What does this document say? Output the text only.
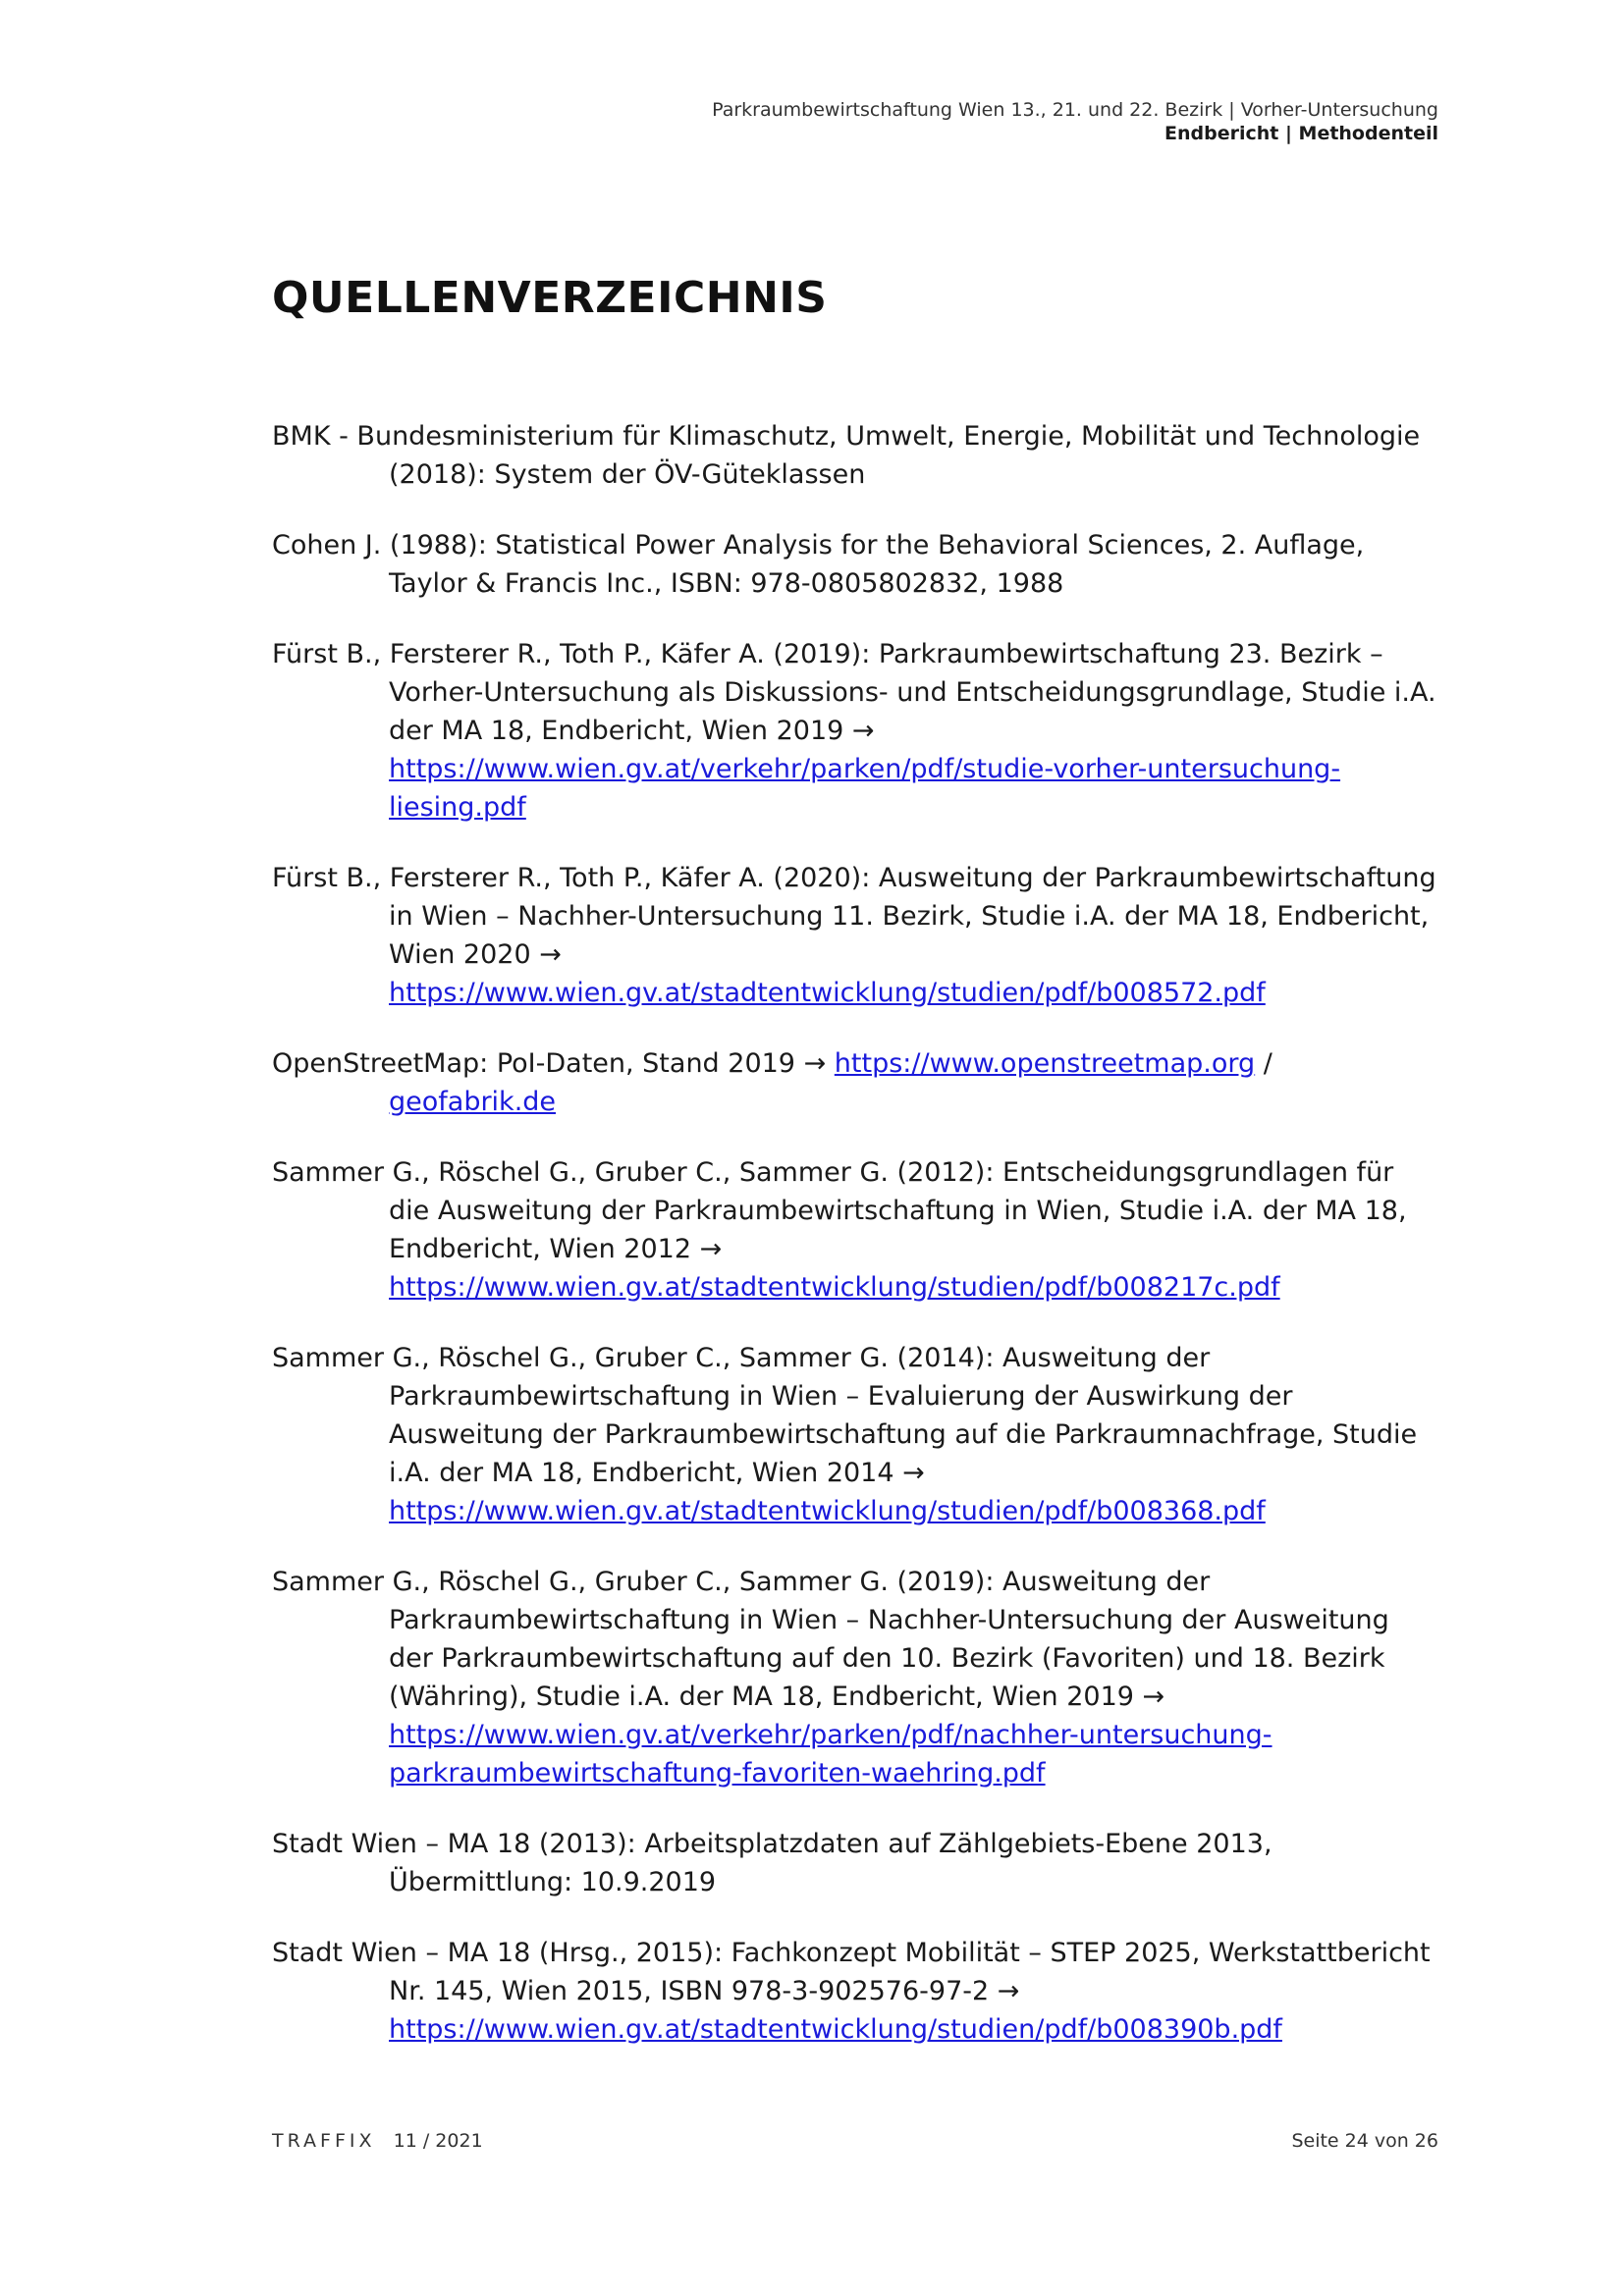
Parkraumbewirtschaftung Wien 13., 21. und 22. Bezirk | Vorher-Untersuchung
Endbericht | Methodenteil
QUELLENVERZEICHNIS

BMK - Bundesministerium für Klimaschutz, Umwelt, Energie, Mobilität und Technologie (2018): System der ÖV-Güteklassen

Cohen J. (1988): Statistical Power Analysis for the Behavioral Sciences, 2. Auflage, Taylor & Francis Inc., ISBN: 978-0805802832, 1988

Fürst B., Fersterer R., Toth P., Käfer A. (2019): Parkraumbewirtschaftung 23. Bezirk – Vorher-Untersuchung als Diskussions- und Entscheidungsgrundlage, Studie i.A. der MA 18, Endbericht, Wien 2019 → https://www.wien.gv.at/verkehr/parken/pdf/studie-vorher-untersuchung-liesing.pdf

Fürst B., Fersterer R., Toth P., Käfer A. (2020): Ausweitung der Parkraumbewirtschaftung in Wien – Nachher-Untersuchung 11. Bezirk, Studie i.A. der MA 18, Endbericht, Wien 2020 → https://www.wien.gv.at/stadtentwicklung/studien/pdf/b008572.pdf

OpenStreetMap: PoI-Daten, Stand 2019 → https://www.openstreetmap.org / geofabrik.de

Sammer G., Röschel G., Gruber C., Sammer G. (2012): Entscheidungsgrundlagen für die Ausweitung der Parkraumbewirtschaftung in Wien, Studie i.A. der MA 18, Endbericht, Wien 2012 → https://www.wien.gv.at/stadtentwicklung/studien/pdf/b008217c.pdf

Sammer G., Röschel G., Gruber C., Sammer G. (2014): Ausweitung der Parkraumbewirtschaftung in Wien – Evaluierung der Auswirkung der Ausweitung der Parkraumbewirtschaftung auf die Parkraumnachfrage, Studie i.A. der MA 18, Endbericht, Wien 2014 → https://www.wien.gv.at/stadtentwicklung/studien/pdf/b008368.pdf

Sammer G., Röschel G., Gruber C., Sammer G. (2019): Ausweitung der Parkraumbewirtschaftung in Wien – Nachher-Untersuchung der Ausweitung der Parkraumbewirtschaftung auf den 10. Bezirk (Favoriten) und 18. Bezirk (Währing), Studie i.A. der MA 18, Endbericht, Wien 2019 → https://www.wien.gv.at/verkehr/parken/pdf/nachher-untersuchung-parkraumbewirtschaftung-favoriten-waehring.pdf

Stadt Wien – MA 18 (2013): Arbeitsplatzdaten auf Zählgebiets-Ebene 2013, Übermittlung: 10.9.2019

Stadt Wien – MA 18 (Hrsg., 2015): Fachkonzept Mobilität – STEP 2025, Werkstattbericht Nr. 145, Wien 2015, ISBN 978-3-902576-97-2 → https://www.wien.gv.at/stadtentwicklung/studien/pdf/b008390b.pdf

TRAFFIX 11 / 2021	Seite 24 von 26
